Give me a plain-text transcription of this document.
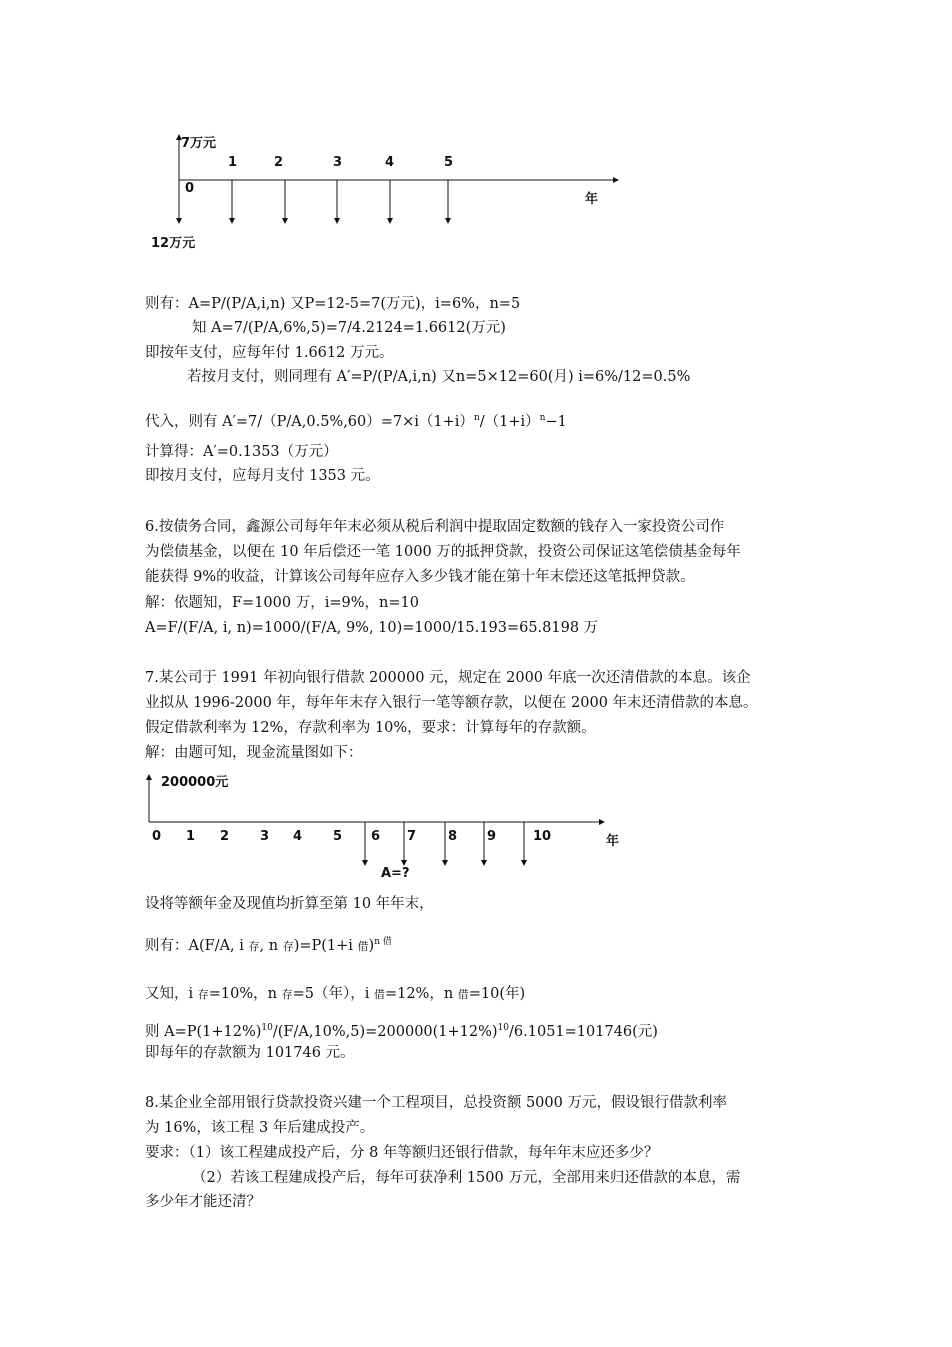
7万元
1	2	3	4	5
0
年
12万元
则有：A=P/(P/A,i,n) 又P=12-5=7(万元)，i=6%，n=5
知 A=7/(P/A,6%,5)=7/4.2124=1.6612(万元)
即按年支付，应每年付 1.6612 万元。
若按月支付，则同理有 A′=P/(P/A,i,n) 又n=5×12=60(月) i=6%/12=0.5%
代入，则有 $A'=7/(P/A,0.5\%,60)=7\times i(1+i)^n/(1+i)^n-1$
计算得：A′=0.1353（万元）
即按月支付，应每月支付 1353 元。
6.按债务合同，鑫源公司每年年末必须从税后利润中提取固定数额的钱存入一家投资公司作
为偿债基金，以便在 10 年后偿还一笔 1000 万的抵押贷款，投资公司保证这笔偿债基金每年
能获得 9%的收益，计算该公司每年应存入多少钱才能在第十年末偿还这笔抵押贷款。
解：依题知，F=1000 万，i=9%，n=10
A=F/(F/A, i, n)=1000/(F/A, 9%, 10)=1000/15.193=65.8198 万
7.某公司于 1991 年初向银行借款 200000 元，规定在 2000 年底一次还清借款的本息。该企
业拟从 1996-2000 年，每年年末存入银行一笔等额存款，以便在 2000 年末还清借款的本息。
假定借款利率为 12%，存款利率为 10%，要求：计算每年的存款额。
解：由题可知，现金流量图如下：
200000元
0 1 2 3 4 5 6 7 8 9	10	年
A=?
设将等额年金及现值均折算至第 10 年年末，
则有：A(F/A, i 存, n 存)=P(1+i 借)$^{n 借}$
又知，i 存=10%，n 存=5（年），i 借=12%，n 借=10(年)
则 $A=P(1+12\%)^{10}/(F/A,10\%,5)=200000(1+12\%)^{10}/6.1051=101746$(元)
即每年的存款额为 101746 元。
8.某企业全部用银行贷款投资兴建一个工程项目，总投资额 5000 万元，假设银行借款利率
为 16%，该工程 3 年后建成投产。
要求：（1）该工程建成投产后，分 8 年等额归还银行借款，每年年末应还多少？
（2）若该工程建成投产后，每年可获净利 1500 万元，全部用来归还借款的本息，需
多少年才能还清？
